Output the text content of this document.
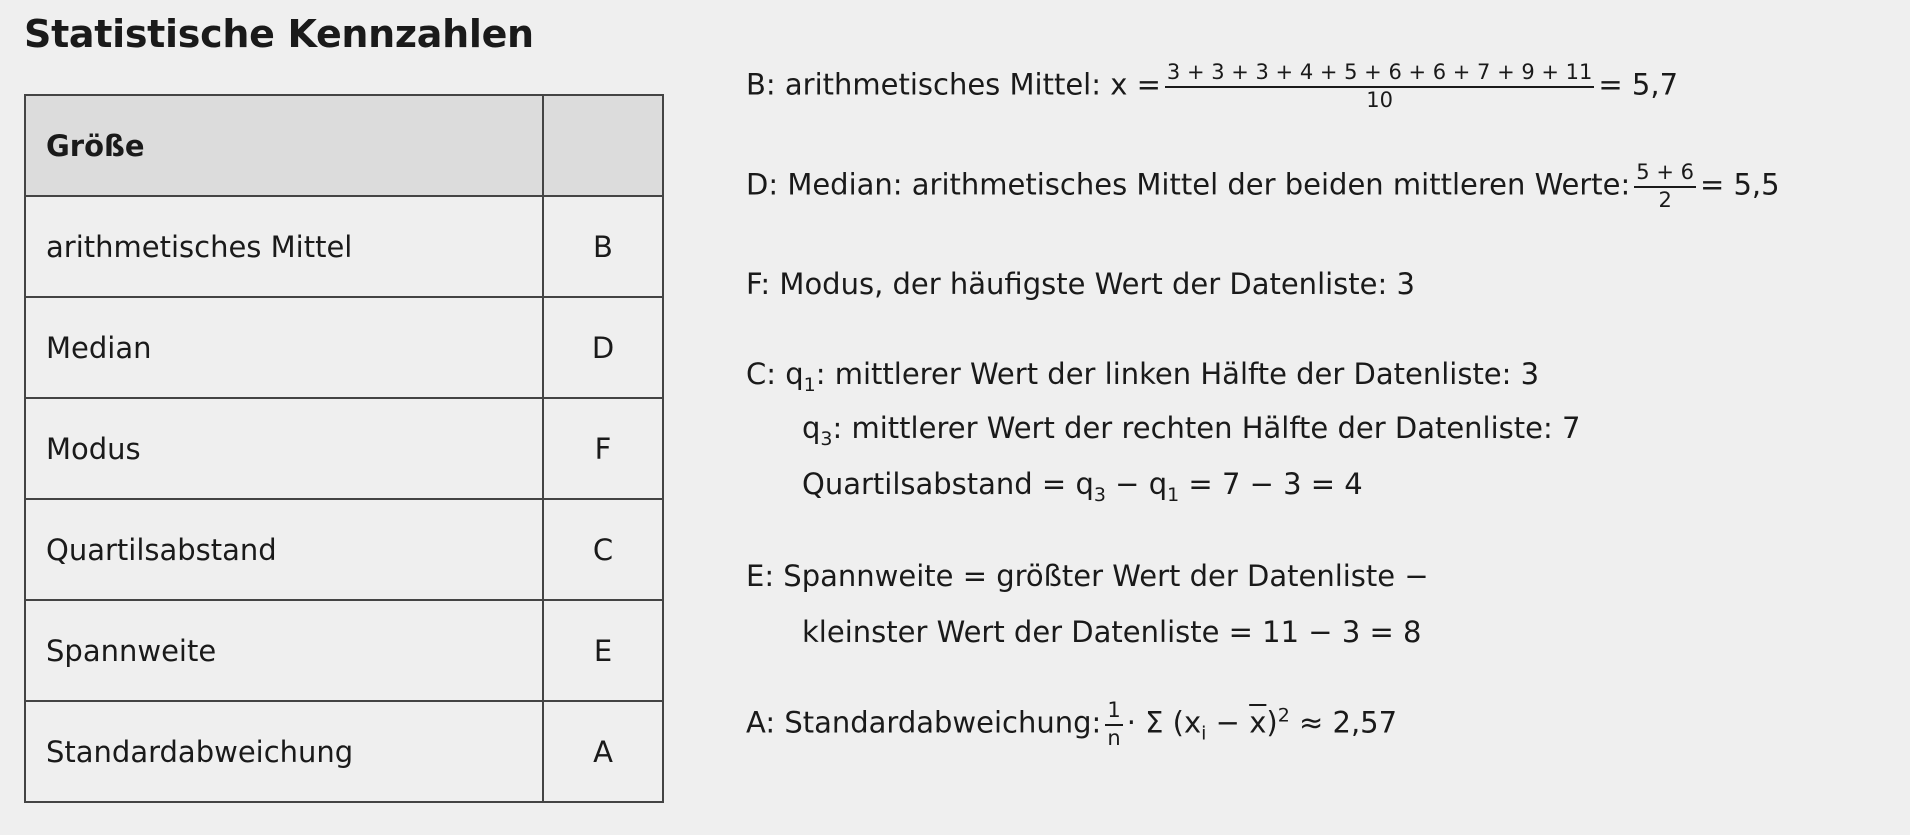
Statistische Kennzahlen
Größe	
arithmetisches Mittel	B
Median	D
Modus	F
Quartilsabstand	C
Spannweite	E
Standardabweichung	A
B: arithmetisches Mittel: $x = \frac{3 + 3 + 3 + 4 + 5 + 6 + 6 + 7 + 9 + 11}{10} = 5,7$
D: Median: arithmetisches Mittel der beiden mittleren Werte: $\frac{5 + 6}{2} = 5,5$
F: Modus, der häufigste Wert der Datenliste: 3
C: $q_1$: mittlerer Wert der linken Hälfte der Datenliste: 3
$q_3$: mittlerer Wert der rechten Hälfte der Datenliste: 7
Quartilsabstand = $q_3 - q_1 = 7 - 3 = 4$
E: Spannweite = größter Wert der Datenliste −
kleinster Wert der Datenliste = 11 − 3 = 8
A: Standardabweichung: $\frac{1}{n} \cdot \Sigma$ $(x_i - \overline{x})^2 \approx 2,57$
